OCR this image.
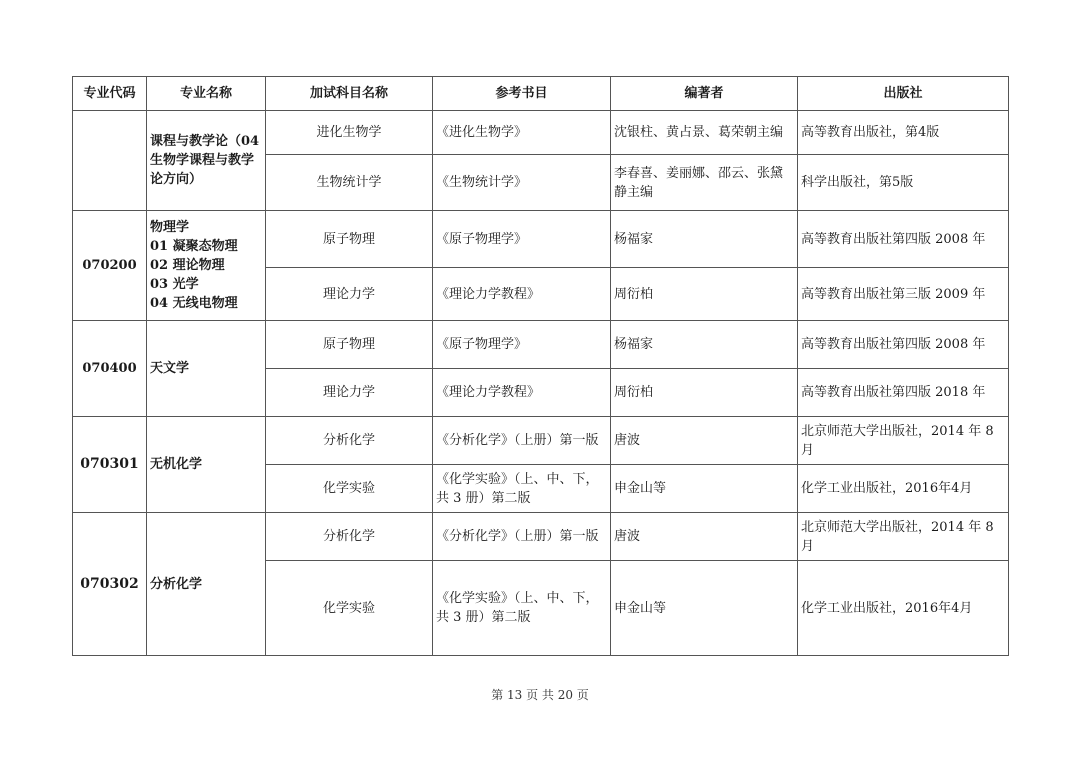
专业代码	专业名称	加试科目名称	参考书目	编著者	出版社

	课程与教学论（04
生物学课程与教学
论方向）	进化生物学	《进化生物学》	沈银柱、黄占景、葛荣朝主编	高等教育出版社，第4版
		生物统计学	《生物统计学》	李春喜、姜丽娜、邵云、张黛静主编	科学出版社，第5版
070200	物理学
01 凝聚态物理
02 理论物理
03 光学
04 无线电物理	原子物理	《原子物理学》	杨福家	高等教育出版社第四版 2008 年
		理论力学	《理论力学教程》	周衍柏	高等教育出版社第三版 2009 年
070400	天文学	原子物理	《原子物理学》	杨福家	高等教育出版社第四版 2008 年
		理论力学	《理论力学教程》	周衍柏	高等教育出版社第四版 2018 年
070301	无机化学	分析化学	《分析化学》（上册）第一版	唐波	北京师范大学出版社，2014 年 8 月
		化学实验	《化学实验》（上、中、下，共 3 册）第二版	申金山等	化学工业出版社，2016年4月
070302	分析化学	分析化学	《分析化学》（上册）第一版	唐波	北京师范大学出版社，2014 年 8 月
		化学实验	《化学实验》（上、中、下，共 3 册）第二版	申金山等	化学工业出版社，2016年4月
第 13 页 共 20 页
